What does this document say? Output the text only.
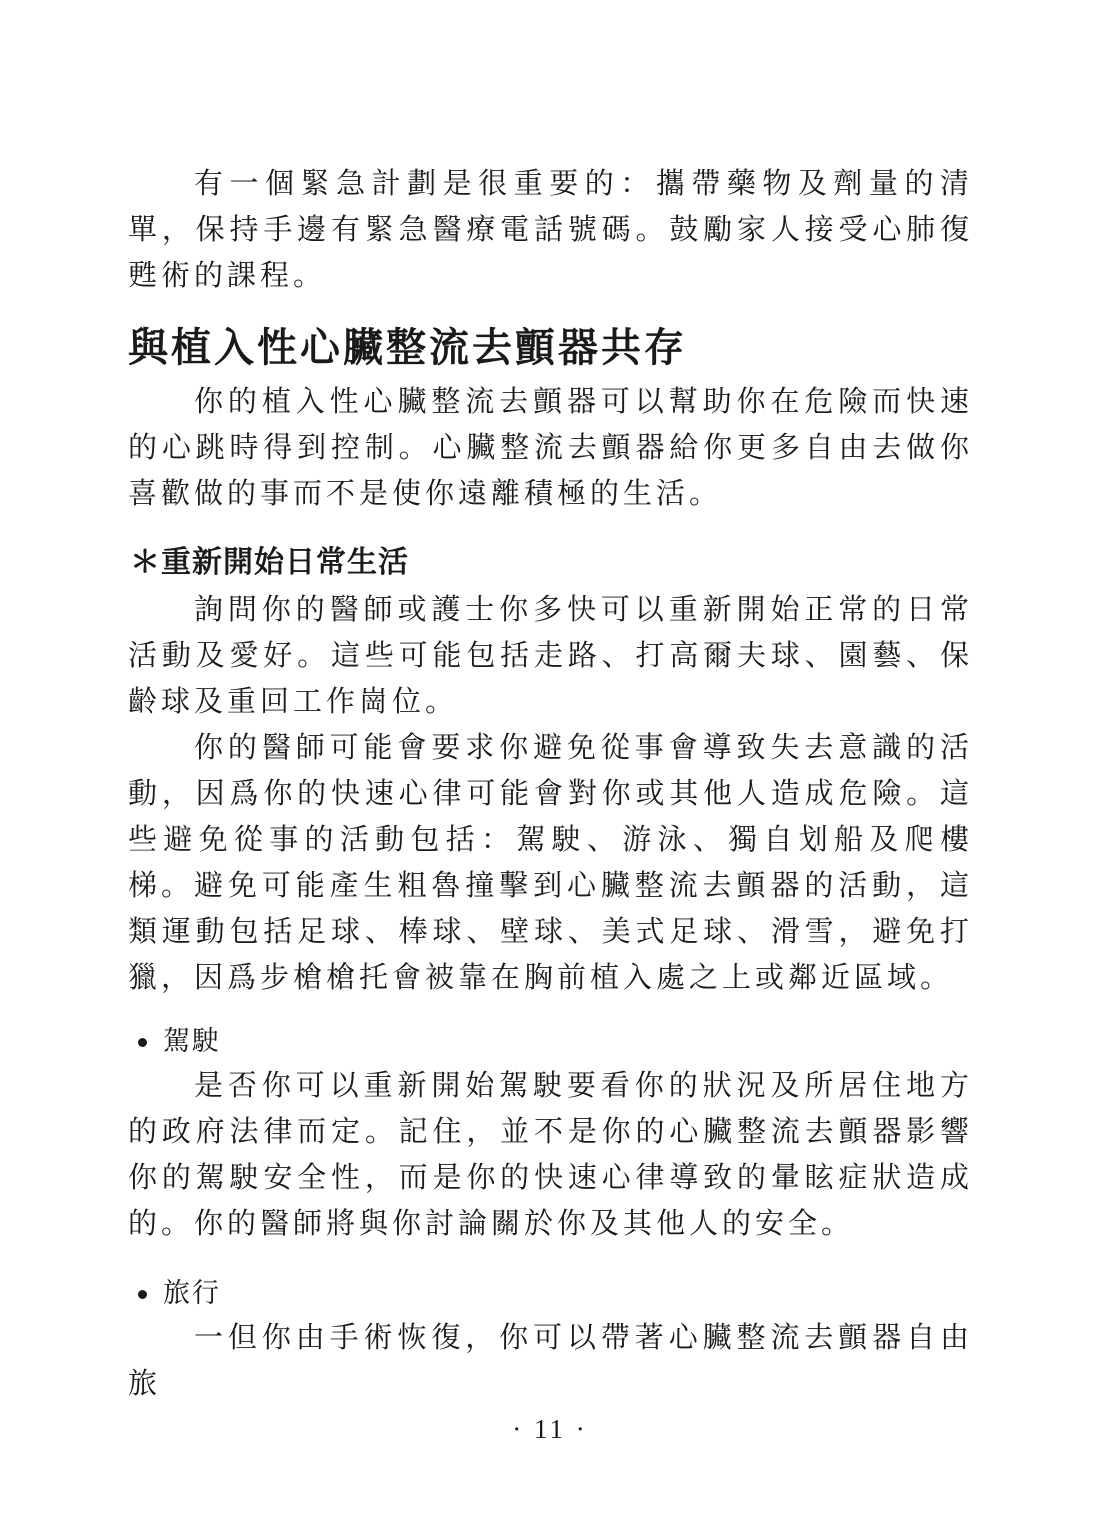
有一個緊急計劃是很重要的：攜帶藥物及劑量的清單，保持手邊有緊急醫療電話號碼。鼓勵家人接受心肺復甦術的課程。

與植入性心臟整流去顫器共存

你的植入性心臟整流去顫器可以幫助你在危險而快速的心跳時得到控制。心臟整流去顫器給你更多自由去做你喜歡做的事而不是使你遠離積極的生活。

＊重新開始日常生活

詢問你的醫師或護士你多快可以重新開始正常的日常活動及愛好。這些可能包括走路、打高爾夫球、園藝、保齡球及重回工作崗位。

你的醫師可能會要求你避免從事會導致失去意識的活動，因爲你的快速心律可能會對你或其他人造成危險。這些避免從事的活動包括：駕駛、游泳、獨自划船及爬樓梯。 避免可能產生粗魯撞擊到心臟整流去顫器的活動，這類運動包括足球、棒球、壁球、美式足球、滑雪，避免打獵，因爲步槍槍托會被靠在胸前植入處之上或鄰近區域。

駕駛

是否你可以重新開始駕駛要看你的狀況及所居住地方的政府法律而定。記住，並不是你的心臟整流去顫器影響你的駕駛安全性，而是你的快速心律導致的暈眩症狀造成的。你的醫師將與你討論關於你及其他人的安全。

旅行

一但你由手術恢復，你可以帶著心臟整流去顫器自由旅

· 11 ·
